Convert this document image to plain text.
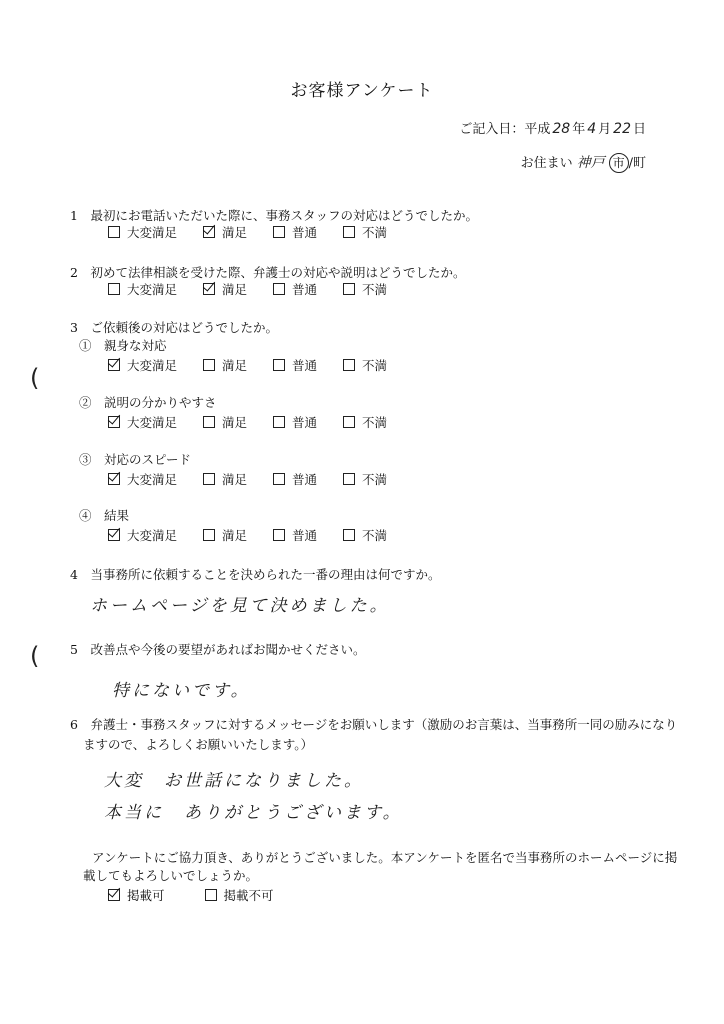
お客様アンケート
ご記入日：平成 28 年 4 月 22 日
お住まい 神戸 市 /町
1　最初にお電話いただいた際に、事務スタッフの対応はどうでしたか。
大変満足	満足	普通	不満
2　初めて法律相談を受けた際、弁護士の対応や説明はどうでしたか。
大変満足	満足	普通	不満
3　ご依頼後の対応はどうでしたか。
①　親身な対応
大変満足	満足	普通	不満
②　説明の分かりやすさ
大変満足	満足	普通	不満
③　対応のスピード
大変満足	満足	普通	不満
④　結果
大変満足	満足	普通	不満
(
(
4　当事務所に依頼することを決められた一番の理由は何ですか。
ホームページを見て決めました。
5　改善点や今後の要望があればお聞かせください。
特にないです。
6　弁護士・事務スタッフに対するメッセージをお願いします（激励のお言葉は、当事務所一同の励みになり
ますので、よろしくお願いいたします。）
大変　お世話になりました。
本当に　ありがとうございます。
アンケートにご協力頂き、ありがとうございました。本アンケートを匿名で当事務所のホームページに掲
載してもよろしいでしょうか。
掲載可	掲載不可
